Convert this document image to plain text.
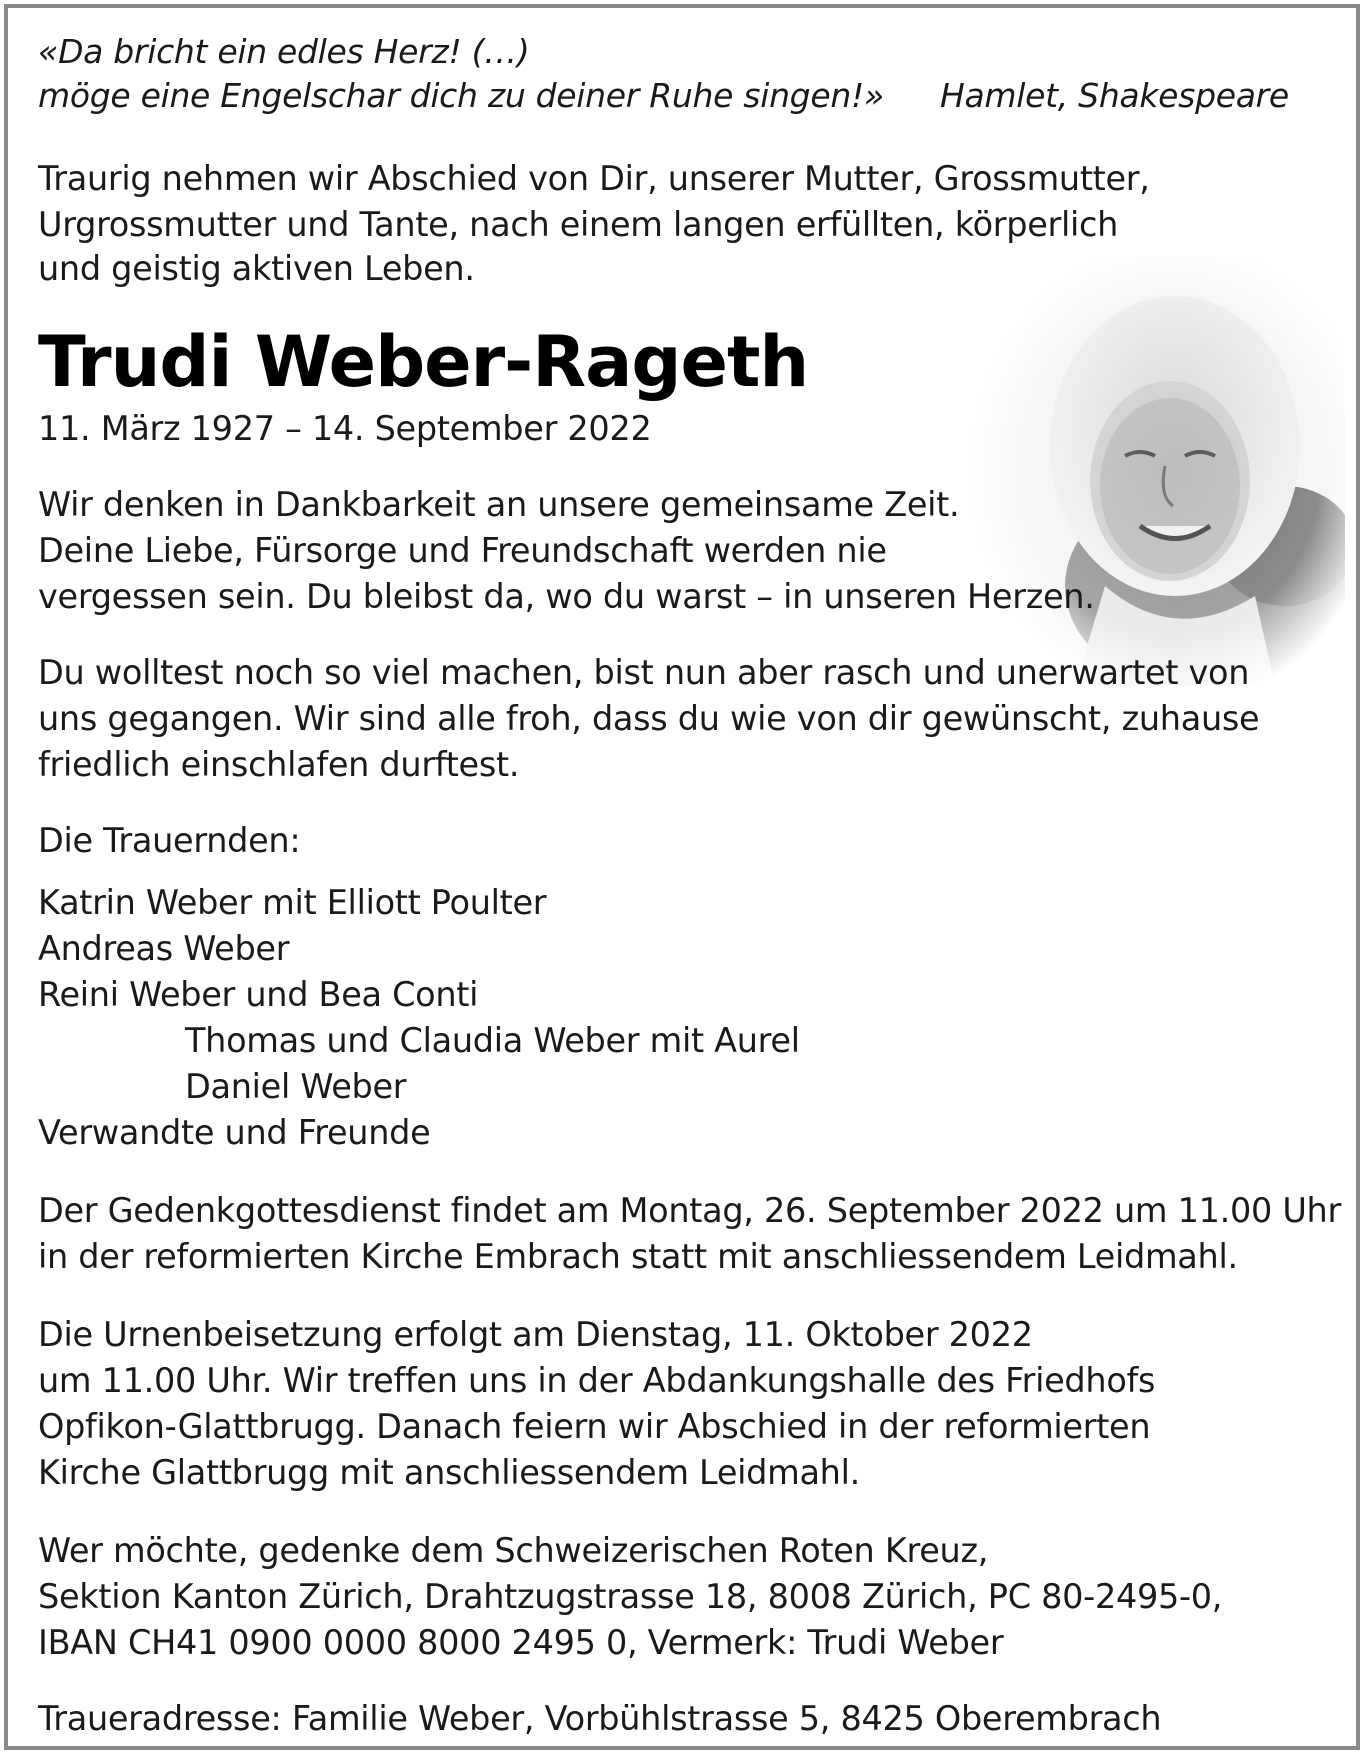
«Da bricht ein edles Herz! (…)

möge eine Engelschar dich zu deiner Ruhe singen!» Hamlet, Shakespeare

Traurig nehmen wir Abschied von Dir, unserer Mutter, Grossmutter,

Urgrossmutter und Tante, nach einem langen erfüllten, körperlich

und geistig aktiven Leben.

Trudi Weber-Rageth

11. März 1927 – 14. September 2022

Wir denken in Dankbarkeit an unsere gemeinsame Zeit.

Deine Liebe, Fürsorge und Freundschaft werden nie

vergessen sein. Du bleibst da, wo du warst – in unseren Herzen.

Du wolltest noch so viel machen, bist nun aber rasch und unerwartet von

uns gegangen. Wir sind alle froh, dass du wie von dir gewünscht, zuhause

friedlich einschlafen durftest.

Die Trauernden:

Katrin Weber mit Elliott Poulter

Andreas Weber

Reini Weber und Bea Conti

Thomas und Claudia Weber mit Aurel

Daniel Weber

Verwandte und Freunde

Der Gedenkgottesdienst findet am Montag, 26. September 2022 um 11.00 Uhr

in der reformierten Kirche Embrach statt mit anschliessendem Leidmahl.

Die Urnenbeisetzung erfolgt am Dienstag, 11. Oktober 2022

um 11.00 Uhr. Wir treffen uns in der Abdankungshalle des Friedhofs

Opfikon-Glattbrugg. Danach feiern wir Abschied in der reformierten

Kirche Glattbrugg mit anschliessendem Leidmahl.

Wer möchte, gedenke dem Schweizerischen Roten Kreuz,

Sektion Kanton Zürich, Drahtzugstrasse 18, 8008 Zürich, PC 80-2495-0,

IBAN CH41 0900 0000 8000 2495 0, Vermerk: Trudi Weber

Traueradresse: Familie Weber, Vorbühlstrasse 5, 8425 Oberembrach
